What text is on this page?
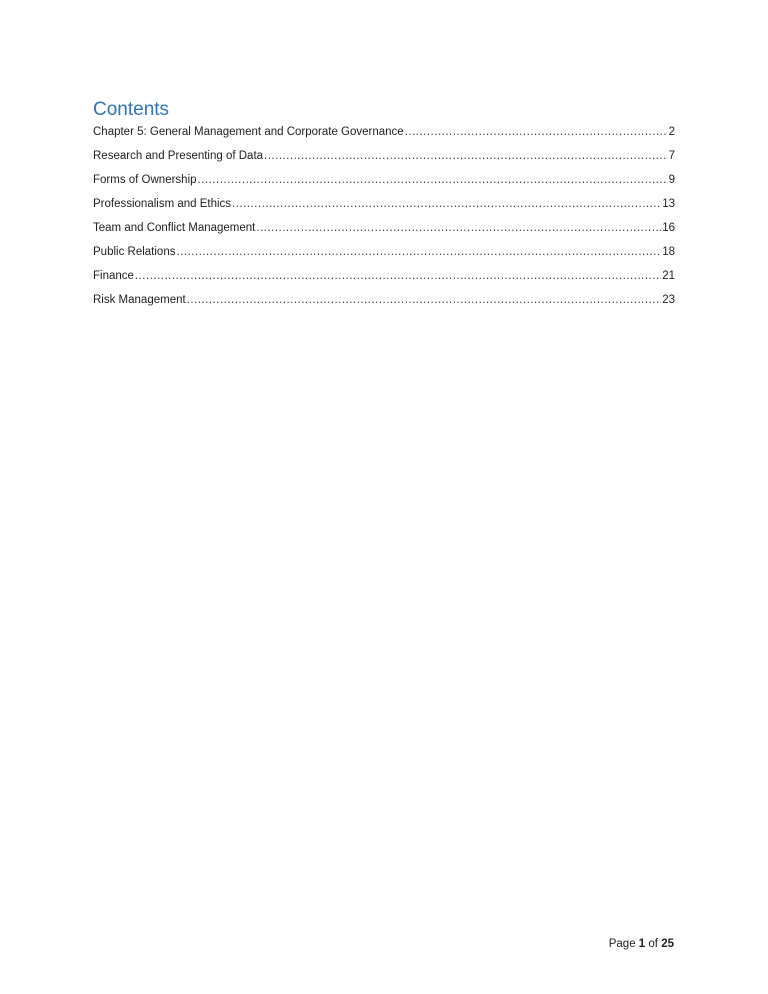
Contents
Chapter 5: General Management and Corporate Governance .....	2
Research and Presenting of Data .....	7
Forms of Ownership .....	9
Professionalism and Ethics .....	13
Team and Conflict Management .....	16
Public Relations .....	18
Finance .....	21
Risk Management .....	23
Page 1 of 25
